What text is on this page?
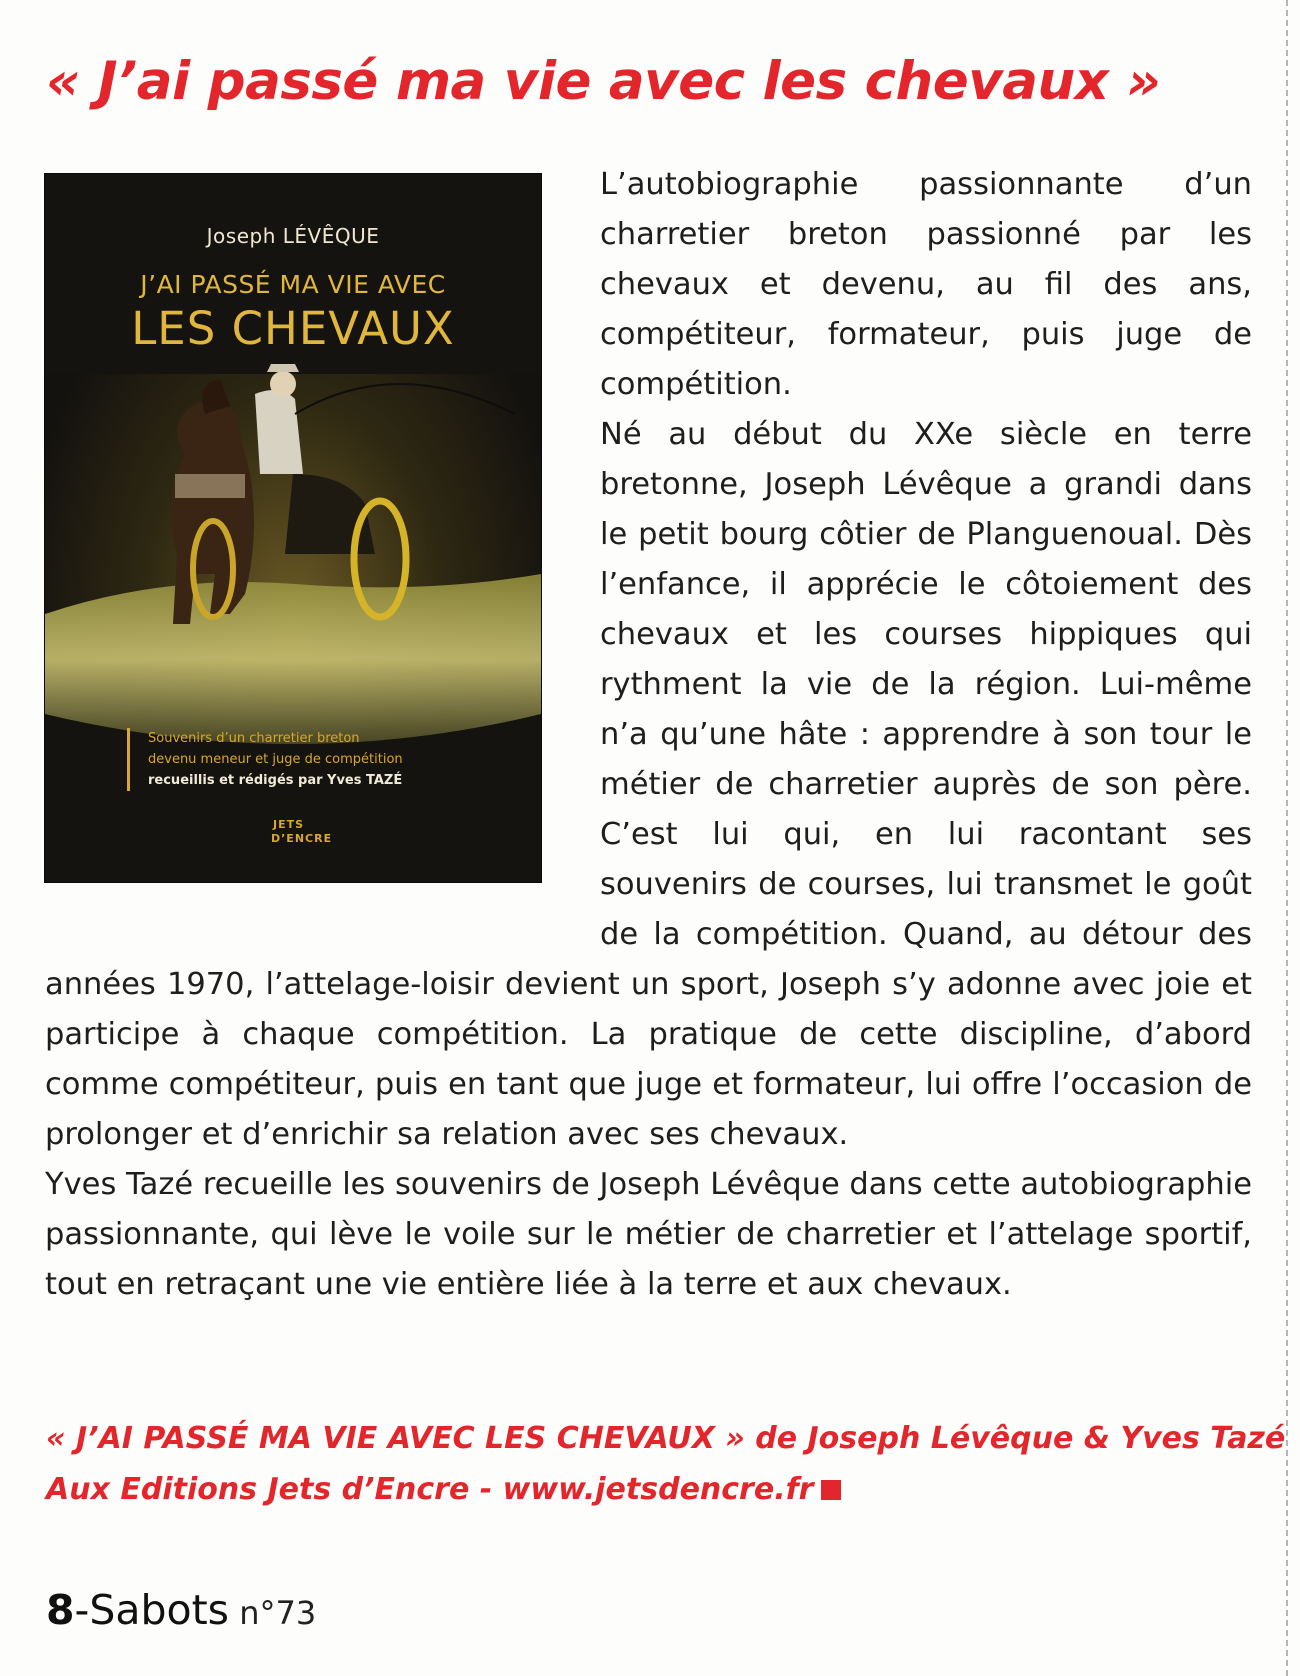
« J’ai passé ma vie avec les chevaux »
Joseph LÉVÊQUE
J’AI PASSÉ MA VIE AVEC
LES CHEVAUX
Souvenirs d’un charretier breton
devenu meneur et juge de compétition
recueillis et rédigés par Yves TAZÉ
JETS
D’ENCRE

L’autobiographie passionnante d’un charretier breton passionné par les chevaux et devenu, au fil des ans, compétiteur, formateur, puis juge de compétition.

Né au début du XXe siècle en terre bretonne, Joseph Lévêque a grandi dans le petit bourg côtier de Planguenoual. Dès l’enfance, il apprécie le côtoiement des chevaux et les courses hippiques qui rythment la vie de la région. Lui-même n’a qu’une hâte : apprendre à son tour le métier de charretier auprès de son père. C’est lui qui, en lui racontant ses souvenirs de courses, lui transmet le goût de la compétition. Quand, au détour des années 1970, l’attelage-loisir devient un sport, Joseph s’y adonne avec joie et participe à chaque compétition. La pratique de cette discipline, d’abord comme compétiteur, puis en tant que juge et formateur, lui offre l’occasion de prolonger et d’enrichir sa relation avec ses chevaux.

Yves Tazé recueille les souvenirs de Joseph Lévêque dans cette autobiographie passionnante, qui lève le voile sur le métier de charretier et l’attelage sportif, tout en retraçant une vie entière liée à la terre et aux chevaux.

« J’AI PASSÉ MA VIE AVEC LES CHEVAUX » de Joseph Lévêque & Yves Tazé
Aux Editions Jets d’Encre - www.jetsdencre.fr
8-Sabots n°73
